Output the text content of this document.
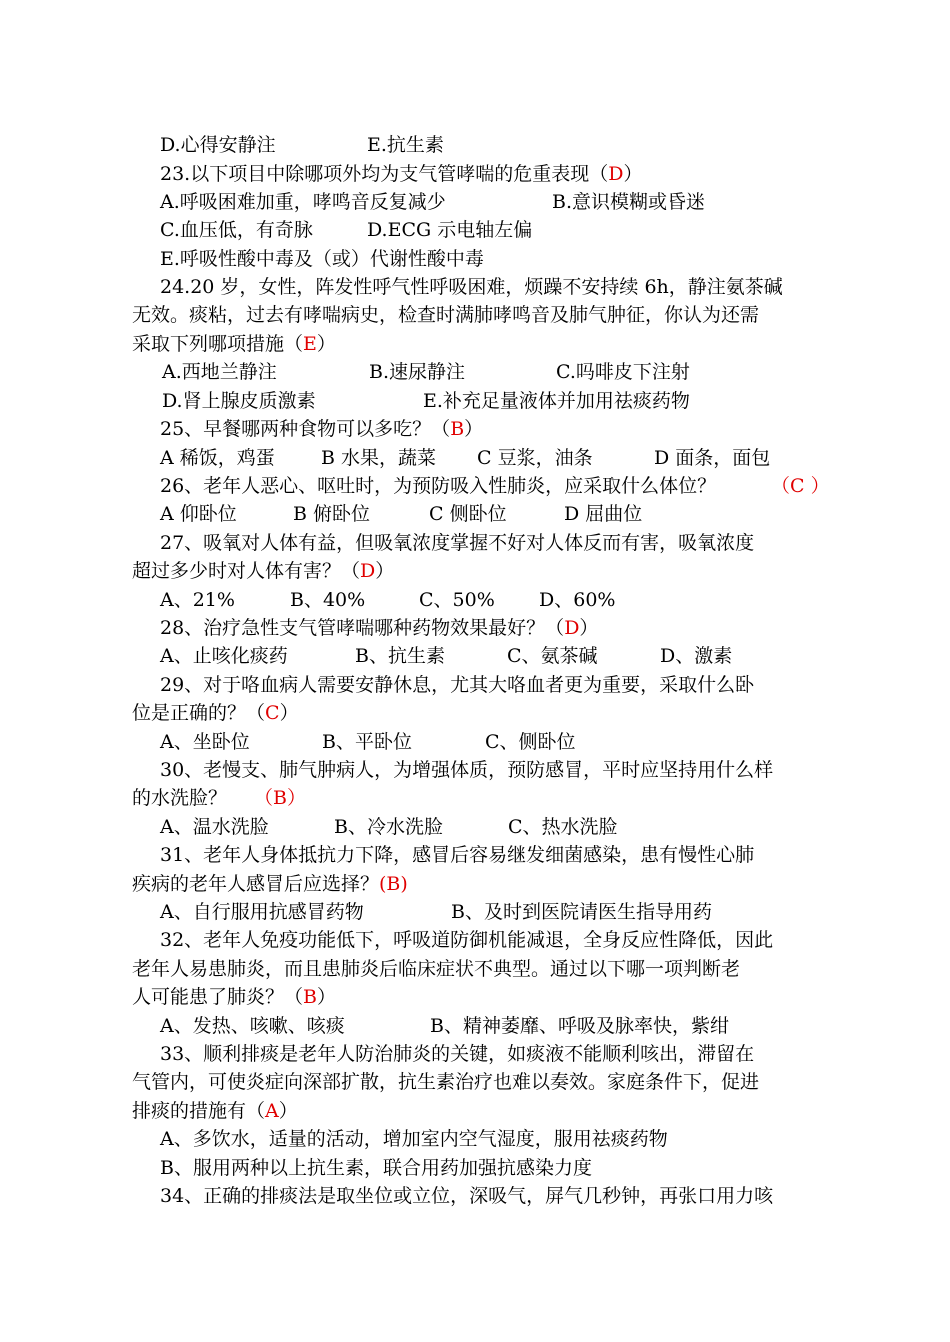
D.心得安静注	E.抗生素
23.以下项目中除哪项外均为支气管哮喘的危重表现（ D ）
A.呼吸困难加重，哮鸣音反复减少	B.意识模糊或昏迷
C.血压低，有奇脉	D.ECG 示电轴左偏
E.呼吸性酸中毒及（或）代谢性酸中毒
24.20 岁，女性，阵发性呼气性呼吸困难，烦躁不安持续 6h，静注氨茶碱
无效。痰粘，过去有哮喘病史，检查时满肺哮鸣音及肺气肿征，你认为还需
采取下列哪项措施（ E ）
A.西地兰静注	B.速尿静注	C.吗啡皮下注射
D.肾上腺皮质激素	E.补充足量液体并加用祛痰药物
25、早餐哪两种食物可以多吃？（ B ）
A 稀饭，鸡蛋 B 水果，蔬菜 C 豆浆，油条	D 面条，面包
26、老年人恶心、呕吐时，为预防吸入性肺炎，应采取什么体位？	（C ）
A 仰卧位	B 俯卧位	C 侧卧位	D 屈曲位
27、吸氧对人体有益，但吸氧浓度掌握不好对人体反而有害，吸氧浓度
超过多少时对人体有害？（ D ）
A、21%	B、40%	C、50% D、60%
28、治疗急性支气管哮喘哪种药物效果最好？（ D ）
A、止咳化痰药	B、抗生素	C、氨茶碱	D、激素
29、对于咯血病人需要安静休息，尤其大咯血者更为重要，采取什么卧
位是正确的？（ C ）
A、坐卧位	B、平卧位	C、侧卧位
30、老慢支、肺气肿病人，为增强体质，预防感冒，平时应坚持用什么样
的水洗脸？ （B）
A、温水洗脸	B、冷水洗脸	C、热水洗脸
31、老年人身体抵抗力下降，感冒后容易继发细菌感染，患有慢性心肺
疾病的老年人感冒后应选择？ (B)
A、自行服用抗感冒药物	B、及时到医院请医生指导用药
32、老年人免疫功能低下，呼吸道防御机能减退，全身反应性降低，因此
老年人易患肺炎，而且患肺炎后临床症状不典型。通过以下哪一项判断老
人可能患了肺炎？（ B ）
A、发热、咳嗽、咳痰	B、精神萎靡、呼吸及脉率快，紫绀
33、顺利排痰是老年人防治肺炎的关键，如痰液不能顺利咳出，滞留在
气管内，可使炎症向深部扩散，抗生素治疗也难以奏效。家庭条件下，促进
排痰的措施有（ A ）
A、多饮水，适量的活动，增加室内空气湿度，服用祛痰药物
B、服用两种以上抗生素，联合用药加强抗感染力度
34、正确的排痰法是取坐位或立位，深吸气，屏气几秒钟，再张口用力咳
